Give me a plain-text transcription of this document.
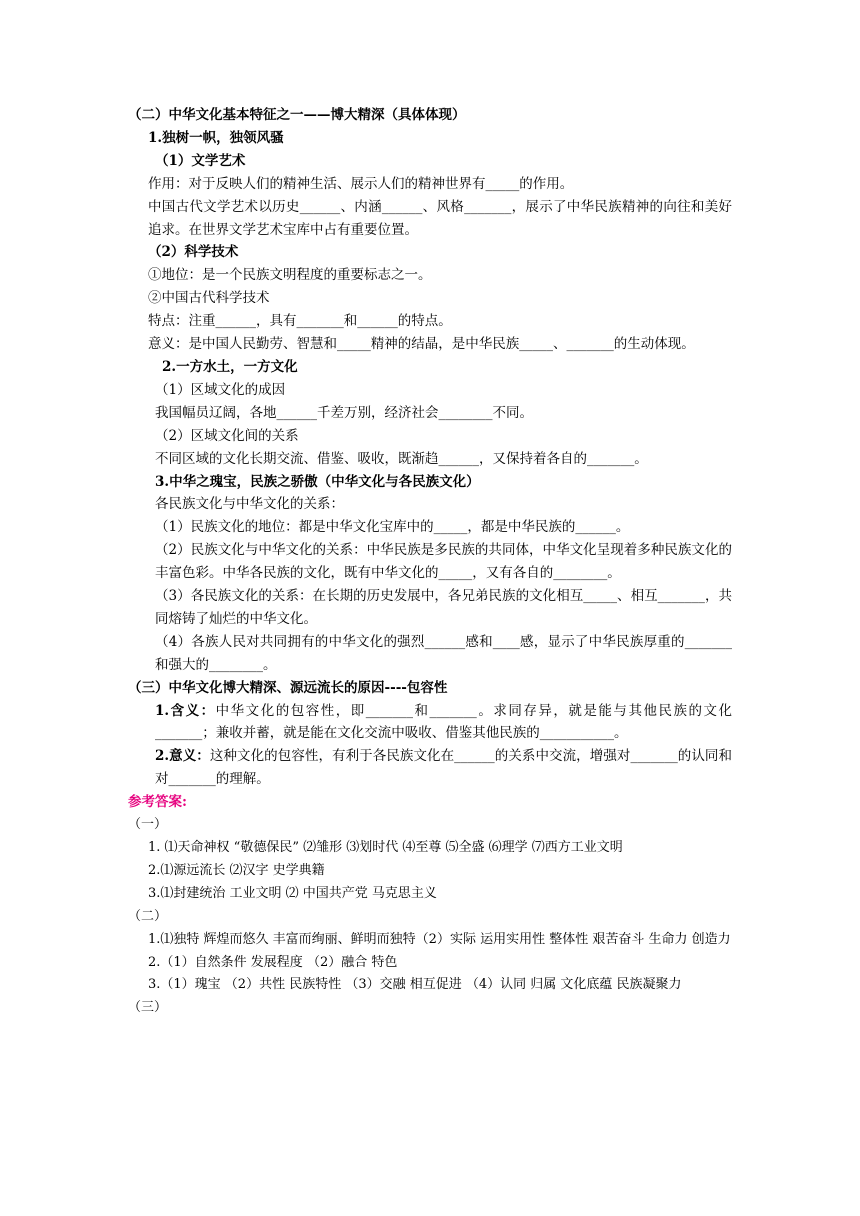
（二）中华文化基本特征之一——博大精深（具体体现）
1.独树一帜，独领风骚
（1）文学艺术
作用：对于反映人们的精神生活、展示人们的精神世界有_____的作用。
中国古代文学艺术以历史______、内涵______、风格_______，展示了中华民族精神的向往和美好追求。在世界文学艺术宝库中占有重要位置。
（2）科学技术
①地位：是一个民族文明程度的重要标志之一。
②中国古代科学技术
特点：注重______，具有_______和______的特点。
意义：是中国人民勤劳、智慧和_____精神的结晶，是中华民族_____、_______的生动体现。
2.一方水土，一方文化
（1）区域文化的成因
我国幅员辽阔，各地______千差万别，经济社会________不同。
（2）区域文化间的关系
不同区域的文化长期交流、借鉴、吸收，既渐趋______，又保持着各自的_______。
3.中华之瑰宝，民族之骄傲（中华文化与各民族文化）
各民族文化与中华文化的关系：
（1）民族文化的地位：都是中华文化宝库中的_____，都是中华民族的______。
（2）民族文化与中华文化的关系：中华民族是多民族的共同体，中华文化呈现着多种民族文化的丰富色彩。中华各民族的文化，既有中华文化的_____，又有各自的________。
（3）各民族文化的关系：在长期的历史发展中，各兄弟民族的文化相互_____、相互_______，共同熔铸了灿烂的中华文化。
（4）各族人民对共同拥有的中华文化的强烈______感和____感，显示了中华民族厚重的_______和强大的________。
（三）中华文化博大精深、源远流长的原因----包容性
1.含义：中华文化的包容性，即_______和_______。求同存异，就是能与其他民族的文化_______；兼收并蓄，就是能在文化交流中吸收、借鉴其他民族的___________。
2.意义：这种文化的包容性，有利于各民族文化在______的关系中交流，增强对_______的认同和对_______的理解。
参考答案:
（一）
1. ⑴天命神权 “敬德保民” ⑵雏形 ⑶划时代 ⑷至尊 ⑸全盛 ⑹理学 ⑺西方工业文明
2.⑴源远流长 ⑵汉字 史学典籍
3.⑴封建统治 工业文明 ⑵ 中国共产党 马克思主义
（二）
1.⑴独特 辉煌而悠久 丰富而绚丽、鲜明而独特（2）实际 运用实用性 整体性 艰苦奋斗 生命力 创造力
2.（1）自然条件 发展程度 （2）融合 特色
3.（1）瑰宝 （2）共性 民族特性 （3）交融 相互促进 （4）认同 归属 文化底蕴 民族凝聚力
（三）
